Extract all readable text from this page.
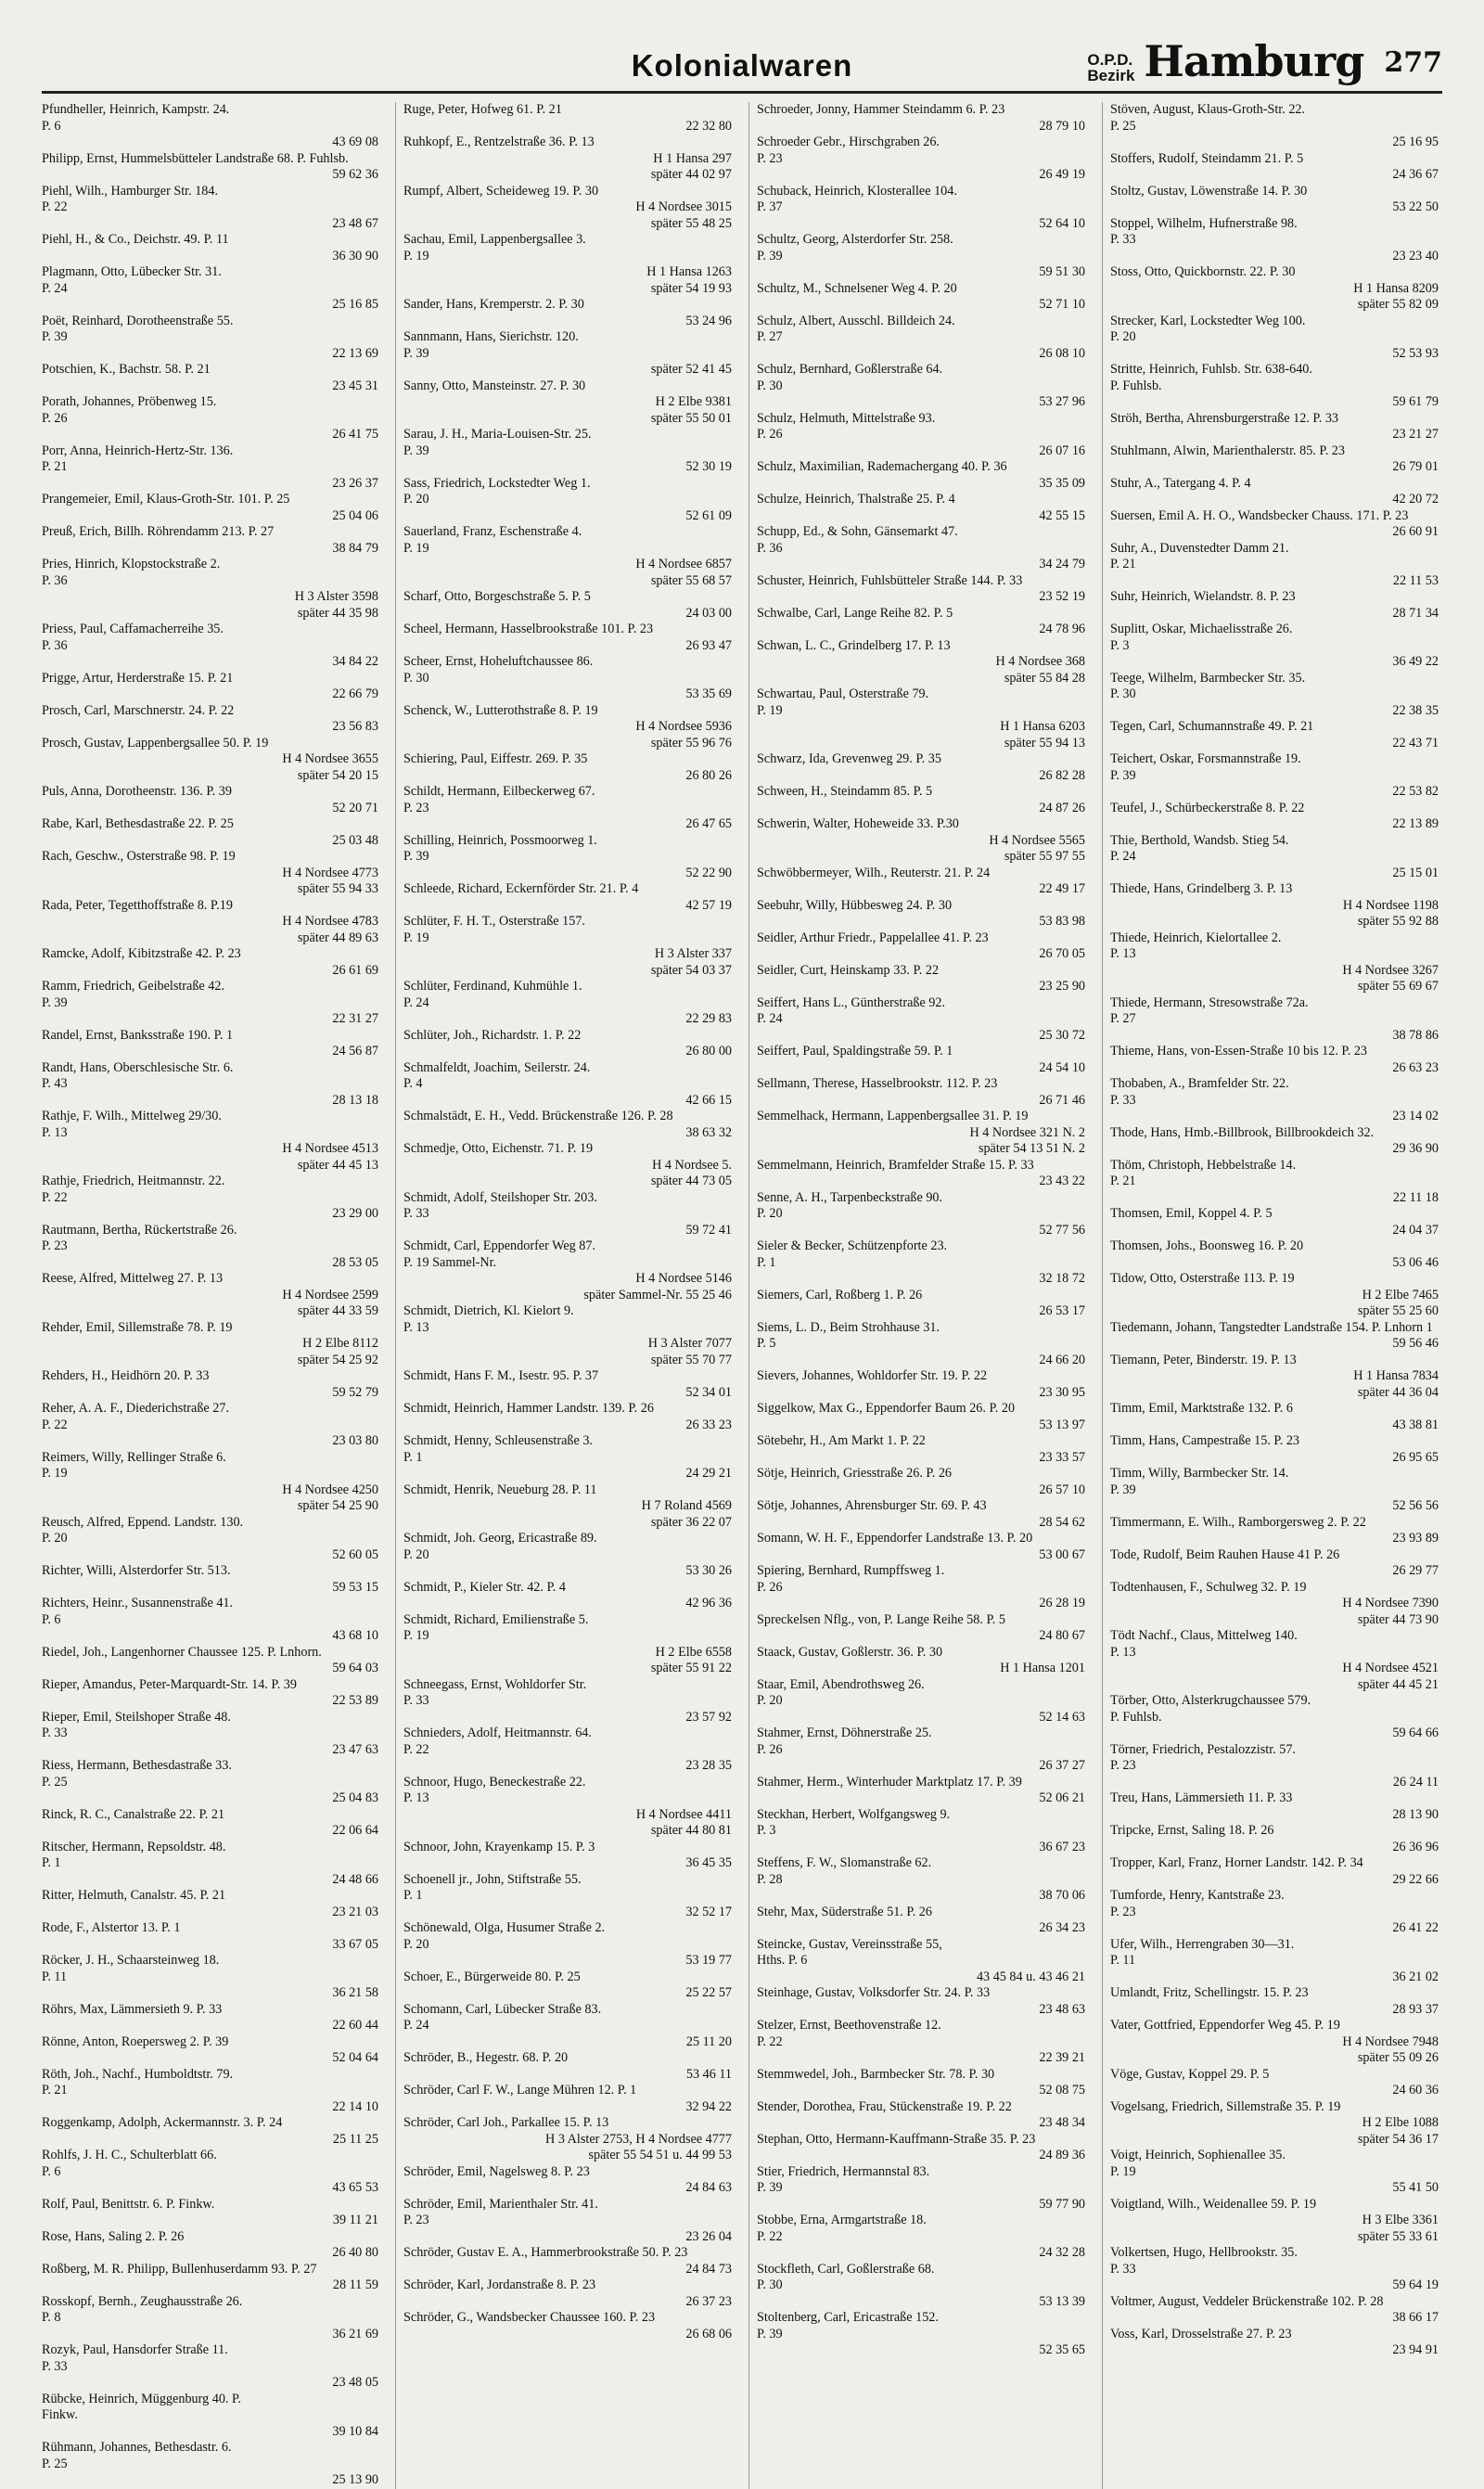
Kolonialwaren	O.P.D.
Bezirk Hamburg 277
Pfundheller, Heinrich, Kampstr. 24.
P. 6
43 69 08
Philipp, Ernst, Hummelsbütteler Landstraße 68. P. Fuhlsb.
59 62 36
Piehl, Wilh., Hamburger Str. 184.
P. 22
23 48 67
Piehl, H., & Co., Deichstr. 49. P. 11
36 30 90
Plagmann, Otto, Lübecker Str. 31.
P. 24
25 16 85
Poët, Reinhard, Dorotheenstraße 55.
P. 39
22 13 69
Potschien, K., Bachstr. 58. P. 21
23 45 31
Porath, Johannes, Pröbenweg 15.
P. 26
26 41 75
Porr, Anna, Heinrich-Hertz-Str. 136.
P. 21
23 26 37
Prangemeier, Emil, Klaus-Groth-Str. 101. P. 25
25 04 06
Preuß, Erich, Billh. Röhrendamm 213. P. 27
38 84 79
Pries, Hinrich, Klopstockstraße 2.
P. 36
H 3 Alster 3598
später 44 35 98
Priess, Paul, Caffamacherreihe 35.
P. 36
34 84 22
Prigge, Artur, Herderstraße 15. P. 21
22 66 79
Prosch, Carl, Marschnerstr. 24. P. 22
23 56 83
Prosch, Gustav, Lappenbergsallee 50. P. 19
H 4 Nordsee 3655
später 54 20 15
Puls, Anna, Dorotheenstr. 136. P. 39
52 20 71
Rabe, Karl, Bethesdastraße 22. P. 25
25 03 48
Rach, Geschw., Osterstraße 98. P. 19
H 4 Nordsee 4773
später 55 94 33
Rada, Peter, Tegetthoffstraße 8. P.19
H 4 Nordsee 4783
später 44 89 63
Ramcke, Adolf, Kibitzstraße 42. P. 23
26 61 69
Ramm, Friedrich, Geibelstraße 42.
P. 39
22 31 27
Randel, Ernst, Banksstraße 190. P. 1
24 56 87
Randt, Hans, Oberschlesische Str. 6.
P. 43
28 13 18
Rathje, F. Wilh., Mittelweg 29/30.
P. 13
H 4 Nordsee 4513
später 44 45 13
Rathje, Friedrich, Heitmannstr. 22.
P. 22
23 29 00
Rautmann, Bertha, Rückertstraße 26.
P. 23
28 53 05
Reese, Alfred, Mittelweg 27. P. 13
H 4 Nordsee 2599
später 44 33 59
Rehder, Emil, Sillemstraße 78. P. 19
H 2 Elbe 8112
später 54 25 92
Rehders, H., Heidhörn 20. P. 33
59 52 79
Reher, A. A. F., Diederichstraße 27.
P. 22
23 03 80
Reimers, Willy, Rellinger Straße 6.
P. 19
H 4 Nordsee 4250
später 54 25 90
Reusch, Alfred, Eppend. Landstr. 130.
P. 20
52 60 05
Richter, Willi, Alsterdorfer Str. 513.
59 53 15
Richters, Heinr., Susannenstraße 41.
P. 6
43 68 10
Riedel, Joh., Langenhorner Chaussee 125. P. Lnhorn.
59 64 03
Rieper, Amandus, Peter-Marquardt-Str. 14. P. 39
22 53 89
Rieper, Emil, Steilshoper Straße 48.
P. 33
23 47 63
Riess, Hermann, Bethesdastraße 33.
P. 25
25 04 83
Rinck, R. C., Canalstraße 22. P. 21
22 06 64
Ritscher, Hermann, Repsoldstr. 48.
P. 1
24 48 66
Ritter, Helmuth, Canalstr. 45. P. 21
23 21 03
Rode, F., Alstertor 13. P. 1
33 67 05
Röcker, J. H., Schaarsteinweg 18.
P. 11
36 21 58
Röhrs, Max, Lämmersieth 9. P. 33
22 60 44
Rönne, Anton, Roepersweg 2. P. 39
52 04 64
Röth, Joh., Nachf., Humboldtstr. 79.
P. 21
22 14 10
Roggenkamp, Adolph, Ackermannstr. 3. P. 24
25 11 25
Rohlfs, J. H. C., Schulterblatt 66.
P. 6
43 65 53
Rolf, Paul, Benittstr. 6. P. Finkw.
39 11 21
Rose, Hans, Saling 2. P. 26
26 40 80
Roßberg, M. R. Philipp, Bullenhuserdamm 93. P. 27
28 11 59
Rosskopf, Bernh., Zeughausstraße 26.
P. 8
36 21 69
Rozyk, Paul, Hansdorfer Straße 11.
P. 33
23 48 05
Rübcke, Heinrich, Müggenburg 40. P.
Finkw.
39 10 84
Rühmann, Johannes, Bethesdastr. 6.
P. 25
25 13 90
Ruge, Peter, Hofweg 61. P. 21
22 32 80
Ruhkopf, E., Rentzelstraße 36. P. 13
H 1 Hansa 297
später 44 02 97
Rumpf, Albert, Scheideweg 19. P. 30
H 4 Nordsee 3015
später 55 48 25
Sachau, Emil, Lappenbergsallee 3.
P. 19
H 1 Hansa 1263
später 54 19 93
Sander, Hans, Kremperstr. 2. P. 30
53 24 96
Sannmann, Hans, Sierichstr. 120.
P. 39
später 52 41 45
Sanny, Otto, Mansteinstr. 27. P. 30
H 2 Elbe 9381
später 55 50 01
Sarau, J. H., Maria-Louisen-Str. 25.
P. 39
52 30 19
Sass, Friedrich, Lockstedter Weg 1.
P. 20
52 61 09
Sauerland, Franz, Eschenstraße 4.
P. 19
H 4 Nordsee 6857
später 55 68 57
Scharf, Otto, Borgeschstraße 5. P. 5
24 03 00
Scheel, Hermann, Hasselbrookstraße 101. P. 23
26 93 47
Scheer, Ernst, Hoheluftchaussee 86.
P. 30
53 35 69
Schenck, W., Lutterothstraße 8. P. 19
H 4 Nordsee 5936
später 55 96 76
Schiering, Paul, Eiffestr. 269. P. 35
26 80 26
Schildt, Hermann, Eilbeckerweg 67.
P. 23
26 47 65
Schilling, Heinrich, Possmoorweg 1.
P. 39
52 22 90
Schleede, Richard, Eckernförder Str. 21. P. 4
42 57 19
Schlüter, F. H. T., Osterstraße 157.
P. 19
H 3 Alster 337
später 54 03 37
Schlüter, Ferdinand, Kuhmühle 1.
P. 24
22 29 83
Schlüter, Joh., Richardstr. 1. P. 22
26 80 00
Schmalfeldt, Joachim, Seilerstr. 24.
P. 4
42 66 15
Schmalstädt, E. H., Vedd. Brückenstraße 126. P. 28
38 63 32
Schmedje, Otto, Eichenstr. 71. P. 19
H 4 Nordsee 5.
später 44 73 05
Schmidt, Adolf, Steilshoper Str. 203.
P. 33
59 72 41
Schmidt, Carl, Eppendorfer Weg 87.
P. 19 Sammel-Nr.
H 4 Nordsee 5146
später Sammel-Nr. 55 25 46
Schmidt, Dietrich, Kl. Kielort 9.
P. 13
H 3 Alster 7077
später 55 70 77
Schmidt, Hans F. M., Isestr. 95. P. 37
52 34 01
Schmidt, Heinrich, Hammer Landstr. 139. P. 26
26 33 23
Schmidt, Henny, Schleusenstraße 3.
P. 1
24 29 21
Schmidt, Henrik, Neueburg 28. P. 11
H 7 Roland 4569
später 36 22 07
Schmidt, Joh. Georg, Ericastraße 89.
P. 20
53 30 26
Schmidt, P., Kieler Str. 42. P. 4
42 96 36
Schmidt, Richard, Emilienstraße 5.
P. 19
H 2 Elbe 6558
später 55 91 22
Schneegass, Ernst, Wohldorfer Str.
P. 33
23 57 92
Schnieders, Adolf, Heitmannstr. 64.
P. 22
23 28 35
Schnoor, Hugo, Beneckestraße 22.
P. 13
H 4 Nordsee 4411
später 44 80 81
Schnoor, John, Krayenkamp 15. P. 3
36 45 35
Schoenell jr., John, Stiftstraße 55.
P. 1
32 52 17
Schönewald, Olga, Husumer Straße 2.
P. 20
53 19 77
Schoer, E., Bürgerweide 80. P. 25
25 22 57
Schomann, Carl, Lübecker Straße 83.
P. 24
25 11 20
Schröder, B., Hegestr. 68. P. 20
53 46 11
Schröder, Carl F. W., Lange Mühren 12. P. 1
32 94 22
Schröder, Carl Joh., Parkallee 15. P. 13
H 3 Alster 2753, H 4 Nordsee 4777
später 55 54 51 u. 44 99 53
Schröder, Emil, Nagelsweg 8. P. 23
24 84 63
Schröder, Emil, Marienthaler Str. 41.
P. 23
23 26 04
Schröder, Gustav E. A., Hammerbrookstraße 50. P. 23
24 84 73
Schröder, Karl, Jordanstraße 8. P. 23
26 37 23
Schröder, G., Wandsbecker Chaussee 160. P. 23
26 68 06
Schroeder, Jonny, Hammer Steindamm 6. P. 23
28 79 10
Schroeder Gebr., Hirschgraben 26.
P. 23
26 49 19
Schuback, Heinrich, Klosterallee 104.
P. 37
52 64 10
Schultz, Georg, Alsterdorfer Str. 258.
P. 39
59 51 30
Schultz, M., Schnelsener Weg 4. P. 20
52 71 10
Schulz, Albert, Ausschl. Billdeich 24.
P. 27
26 08 10
Schulz, Bernhard, Goßlerstraße 64.
P. 30
53 27 96
Schulz, Helmuth, Mittelstraße 93.
P. 26
26 07 16
Schulz, Maximilian, Rademachergang 40. P. 36
35 35 09
Schulze, Heinrich, Thalstraße 25. P. 4
42 55 15
Schupp, Ed., & Sohn, Gänsemarkt 47.
P. 36
34 24 79
Schuster, Heinrich, Fuhlsbütteler Straße 144. P. 33
23 52 19
Schwalbe, Carl, Lange Reihe 82. P. 5
24 78 96
Schwan, L. C., Grindelberg 17. P. 13
H 4 Nordsee 368
später 55 84 28
Schwartau, Paul, Osterstraße 79.
P. 19
H 1 Hansa 6203
später 55 94 13
Schwarz, Ida, Grevenweg 29. P. 35
26 82 28
Schween, H., Steindamm 85. P. 5
24 87 26
Schwerin, Walter, Hoheweide 33. P.30
H 4 Nordsee 5565
später 55 97 55
Schwöbbermeyer, Wilh., Reuterstr. 21. P. 24
22 49 17
Seebuhr, Willy, Hübbesweg 24. P. 30
53 83 98
Seidler, Arthur Friedr., Pappelallee 41. P. 23
26 70 05
Seidler, Curt, Heinskamp 33. P. 22
23 25 90
Seiffert, Hans L., Güntherstraße 92.
P. 24
25 30 72
Seiffert, Paul, Spaldingstraße 59. P. 1
24 54 10
Sellmann, Therese, Hasselbrookstr. 112. P. 23
26 71 46
Semmelhack, Hermann, Lappenbergsallee 31. P. 19
H 4 Nordsee 321 N. 2
später 54 13 51 N. 2
Semmelmann, Heinrich, Bramfelder Straße 15. P. 33
23 43 22
Senne, A. H., Tarpenbeckstraße 90.
P. 20
52 77 56
Sieler & Becker, Schützenpforte 23.
P. 1
32 18 72
Siemers, Carl, Roßberg 1. P. 26
26 53 17
Siems, L. D., Beim Strohhause 31.
P. 5
24 66 20
Sievers, Johannes, Wohldorfer Str. 19. P. 22
23 30 95
Siggelkow, Max G., Eppendorfer Baum 26. P. 20
53 13 97
Sötebehr, H., Am Markt 1. P. 22
23 33 57
Sötje, Heinrich, Griesstraße 26. P. 26
26 57 10
Sötje, Johannes, Ahrensburger Str. 69. P. 43
28 54 62
Somann, W. H. F., Eppendorfer Landstraße 13. P. 20
53 00 67
Spiering, Bernhard, Rumpffsweg 1.
P. 26
26 28 19
Spreckelsen Nflg., von, P. Lange Reihe 58. P. 5
24 80 67
Staack, Gustav, Goßlerstr. 36. P. 30
H 1 Hansa 1201
Staar, Emil, Abendrothsweg 26.
P. 20
52 14 63
Stahmer, Ernst, Döhnerstraße 25.
P. 26
26 37 27
Stahmer, Herm., Winterhuder Marktplatz 17. P. 39
52 06 21
Steckhan, Herbert, Wolfgangsweg 9.
P. 3
36 67 23
Steffens, F. W., Slomanstraße 62.
P. 28
38 70 06
Stehr, Max, Süderstraße 51. P. 26
26 34 23
Steincke, Gustav, Vereinsstraße 55,
Hths. P. 6
43 45 84 u. 43 46 21
Steinhage, Gustav, Volksdorfer Str. 24. P. 33
23 48 63
Stelzer, Ernst, Beethovenstraße 12.
P. 22
22 39 21
Stemmwedel, Joh., Barmbecker Str. 78. P. 30
52 08 75
Stender, Dorothea, Frau, Stückenstraße 19. P. 22
23 48 34
Stephan, Otto, Hermann-Kauffmann-Straße 35. P. 23
24 89 36
Stier, Friedrich, Hermannstal 83.
P. 39
59 77 90
Stobbe, Erna, Armgartstraße 18.
P. 22
24 32 28
Stockfleth, Carl, Goßlerstraße 68.
P. 30
53 13 39
Stoltenberg, Carl, Ericastraße 152.
P. 39
52 35 65
Stöven, August, Klaus-Groth-Str. 22.
P. 25
25 16 95
Stoffers, Rudolf, Steindamm 21. P. 5
24 36 67
Stoltz, Gustav, Löwenstraße 14. P. 30
53 22 50
Stoppel, Wilhelm, Hufnerstraße 98.
P. 33
23 23 40
Stoss, Otto, Quickbornstr. 22. P. 30
H 1 Hansa 8209
später 55 82 09
Strecker, Karl, Lockstedter Weg 100.
P. 20
52 53 93
Stritte, Heinrich, Fuhlsb. Str. 638-640.
P. Fuhlsb.
59 61 79
Ströh, Bertha, Ahrensburgerstraße 12. P. 33
23 21 27
Stuhlmann, Alwin, Marienthalerstr. 85. P. 23
26 79 01
Stuhr, A., Tatergang 4. P. 4
42 20 72
Suersen, Emil A. H. O., Wandsbecker Chauss. 171. P. 23
26 60 91
Suhr, A., Duvenstedter Damm 21.
P. 21
22 11 53
Suhr, Heinrich, Wielandstr. 8. P. 23
28 71 34
Suplitt, Oskar, Michaelisstraße 26.
P. 3
36 49 22
Teege, Wilhelm, Barmbecker Str. 35.
P. 30
22 38 35
Tegen, Carl, Schumannstraße 49. P. 21
22 43 71
Teichert, Oskar, Forsmannstraße 19.
P. 39
22 53 82
Teufel, J., Schürbeckerstraße 8. P. 22
22 13 89
Thie, Berthold, Wandsb. Stieg 54.
P. 24
25 15 01
Thiede, Hans, Grindelberg 3. P. 13
H 4 Nordsee 1198
später 55 92 88
Thiede, Heinrich, Kielortallee 2.
P. 13
H 4 Nordsee 3267
später 55 69 67
Thiede, Hermann, Stresowstraße 72a.
P. 27
38 78 86
Thieme, Hans, von-Essen-Straße 10 bis 12. P. 23
26 63 23
Thobaben, A., Bramfelder Str. 22.
P. 33
23 14 02
Thode, Hans, Hmb.-Billbrook, Billbrookdeich 32.
29 36 90
Thöm, Christoph, Hebbelstraße 14.
P. 21
22 11 18
Thomsen, Emil, Koppel 4. P. 5
24 04 37
Thomsen, Johs., Boonsweg 16. P. 20
53 06 46
Tidow, Otto, Osterstraße 113. P. 19
H 2 Elbe 7465
später 55 25 60
Tiedemann, Johann, Tangstedter Landstraße 154. P. Lnhorn 1
59 56 46
Tiemann, Peter, Binderstr. 19. P. 13
H 1 Hansa 7834
später 44 36 04
Timm, Emil, Marktstraße 132. P. 6
43 38 81
Timm, Hans, Campestraße 15. P. 23
26 95 65
Timm, Willy, Barmbecker Str. 14.
P. 39
52 56 56
Timmermann, E. Wilh., Ramborgersweg 2. P. 22
23 93 89
Tode, Rudolf, Beim Rauhen Hause 41 P. 26
26 29 77
Todtenhausen, F., Schulweg 32. P. 19
H 4 Nordsee 7390
später 44 73 90
Tödt Nachf., Claus, Mittelweg 140.
P. 13
H 4 Nordsee 4521
später 44 45 21
Törber, Otto, Alsterkrugchaussee 579.
P. Fuhlsb.
59 64 66
Törner, Friedrich, Pestalozzistr. 57.
P. 23
26 24 11
Treu, Hans, Lämmersieth 11. P. 33
28 13 90
Tripcke, Ernst, Saling 18. P. 26
26 36 96
Tropper, Karl, Franz, Horner Landstr. 142. P. 34
29 22 66
Tumforde, Henry, Kantstraße 23.
P. 23
26 41 22
Ufer, Wilh., Herrengraben 30—31.
P. 11
36 21 02
Umlandt, Fritz, Schellingstr. 15. P. 23
28 93 37
Vater, Gottfried, Eppendorfer Weg 45. P. 19
H 4 Nordsee 7948
später 55 09 26
Vöge, Gustav, Koppel 29. P. 5
24 60 36
Vogelsang, Friedrich, Sillemstraße 35. P. 19
H 2 Elbe 1088
später 54 36 17
Voigt, Heinrich, Sophienallee 35.
P. 19
55 41 50
Voigtland, Wilh., Weidenallee 59. P. 19
H 3 Elbe 3361
später 55 33 61
Volkertsen, Hugo, Hellbrookstr. 35.
P. 33
59 64 19
Voltmer, August, Veddeler Brückenstraße 102. P. 28
38 66 17
Voss, Karl, Drosselstraße 27. P. 23
23 94 91
